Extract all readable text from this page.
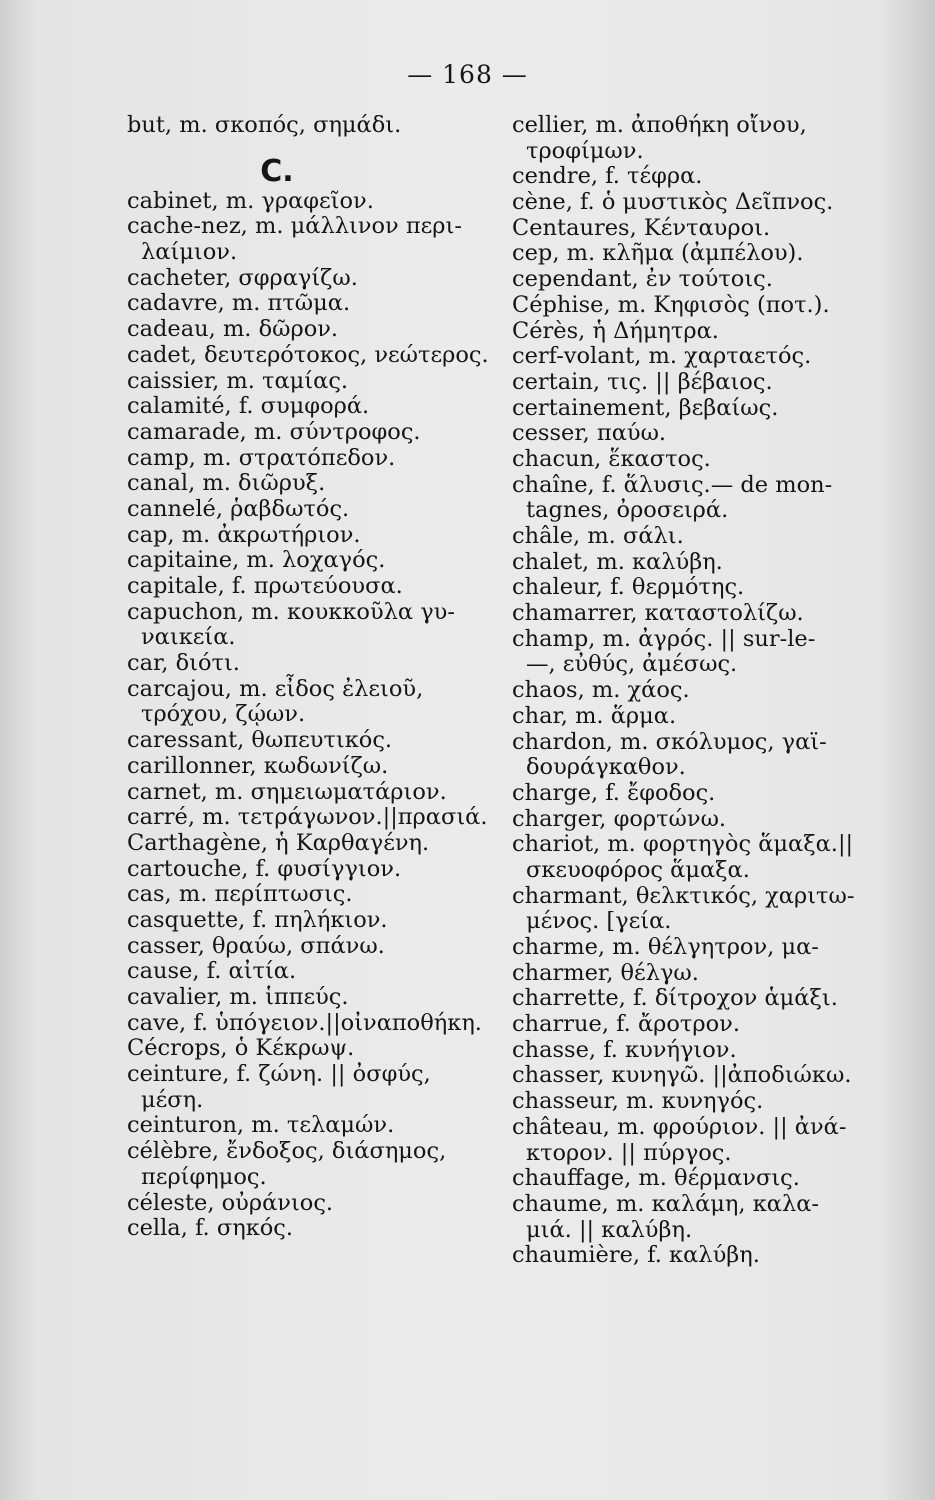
— 168 —
but, m. σκοπός, σημάδι.
C.
cabinet, m. γραφεῖον.
cache-nez, m. μάλλινον περι-
λαίμιον.
cacheter, σφραγίζω.
cadavre, m. πτῶμα.
cadeau, m. δῶρον.
cadet, δευτερότοκος, νεώτερος.
caissier, m. ταμίας.
calamité, f. συμφορά.
camarade, m. σύντροφος.
camp, m. στρατόπεδον.
canal, m. διῶρυξ.
cannelé, ῥαβδωτός.
cap, m. ἀκρωτήριον.
capitaine, m. λοχαγός.
capitale, f. πρωτεύουσα.
capuchon, m. κουκκοῦλα γυ-
ναικεία.
car, διότι.
carcajou, m. εἶδος ἐλειοῦ,
τρόχου, ζῴων.
caressant, θωπευτικός.
carillonner, κωδωνίζω.
carnet, m. σημειωματάριον.
carré, m. τετράγωνον.||πρασιά.
Carthagène, ἡ Καρθαγένη.
cartouche, f. φυσίγγιον.
cas, m. περίπτωσις.
casquette, f. πηλήκιον.
casser, θραύω, σπάνω.
cause, f. αἰτία.
cavalier, m. ἱππεύς.
cave, f. ὑπόγειον.||οἰναποθήκη.
Cécrops, ὁ Κέκρωψ.
ceinture, f. ζώνη. || ὀσφύς,
μέση.
ceinturon, m. τελαμών.
célèbre, ἔνδοξος, διάσημος,
περίφημος.
céleste, οὐράνιος.
cella, f. σηκός.
cellier, m. ἀποθήκη οἴνου,
τροφίμων.
cendre, f. τέφρα.
cène, f. ὁ μυστικὸς Δεῖπνος.
Centaures, Κένταυροι.
cep, m. κλῆμα (ἀμπέλου).
cependant, ἐν τούτοις.
Céphise, m. Κηφισὸς (ποτ.).
Cérès, ἡ Δήμητρα.
cerf-volant, m. χαρταετός.
certain, τις. || βέβαιος.
certainement, βεβαίως.
cesser, παύω.
chacun, ἕκαστος.
chaîne, f. ἅλυσις.— de mon-
tagnes, ὀροσειρά.
châle, m. σάλι.
chalet, m. καλύβη.
chaleur, f. θερμότης.
chamarrer, καταστολίζω.
champ, m. ἀγρός. || sur-le-
—, εὐθύς, ἀμέσως.
chaos, m. χάος.
char, m. ἅρμα.
chardon, m. σκόλυμος, γαϊ-
δουράγκαθον.
charge, f. ἔφοδος.
charger, φορτώνω.
chariot, m. φορτηγὸς ἅμαξα.||
σκευοφόρος ἅμαξα.
charmant, θελκτικός, χαριτω-
μένος. [γεία.
charme, m. θέλγητρον, μα-
charmer, θέλγω.
charrette, f. δίτροχον ἁμάξι.
charrue, f. ἄροτρον.
chasse, f. κυνήγιον.
chasser, κυνηγῶ. ||ἀποδιώκω.
chasseur, m. κυνηγός.
château, m. φρούριον. || ἀνά-
κτορον. || πύργος.
chauffage, m. θέρμανσις.
chaume, m. καλάμη, καλα-
μιά. || καλύβη.
chaumière, f. καλύβη.
